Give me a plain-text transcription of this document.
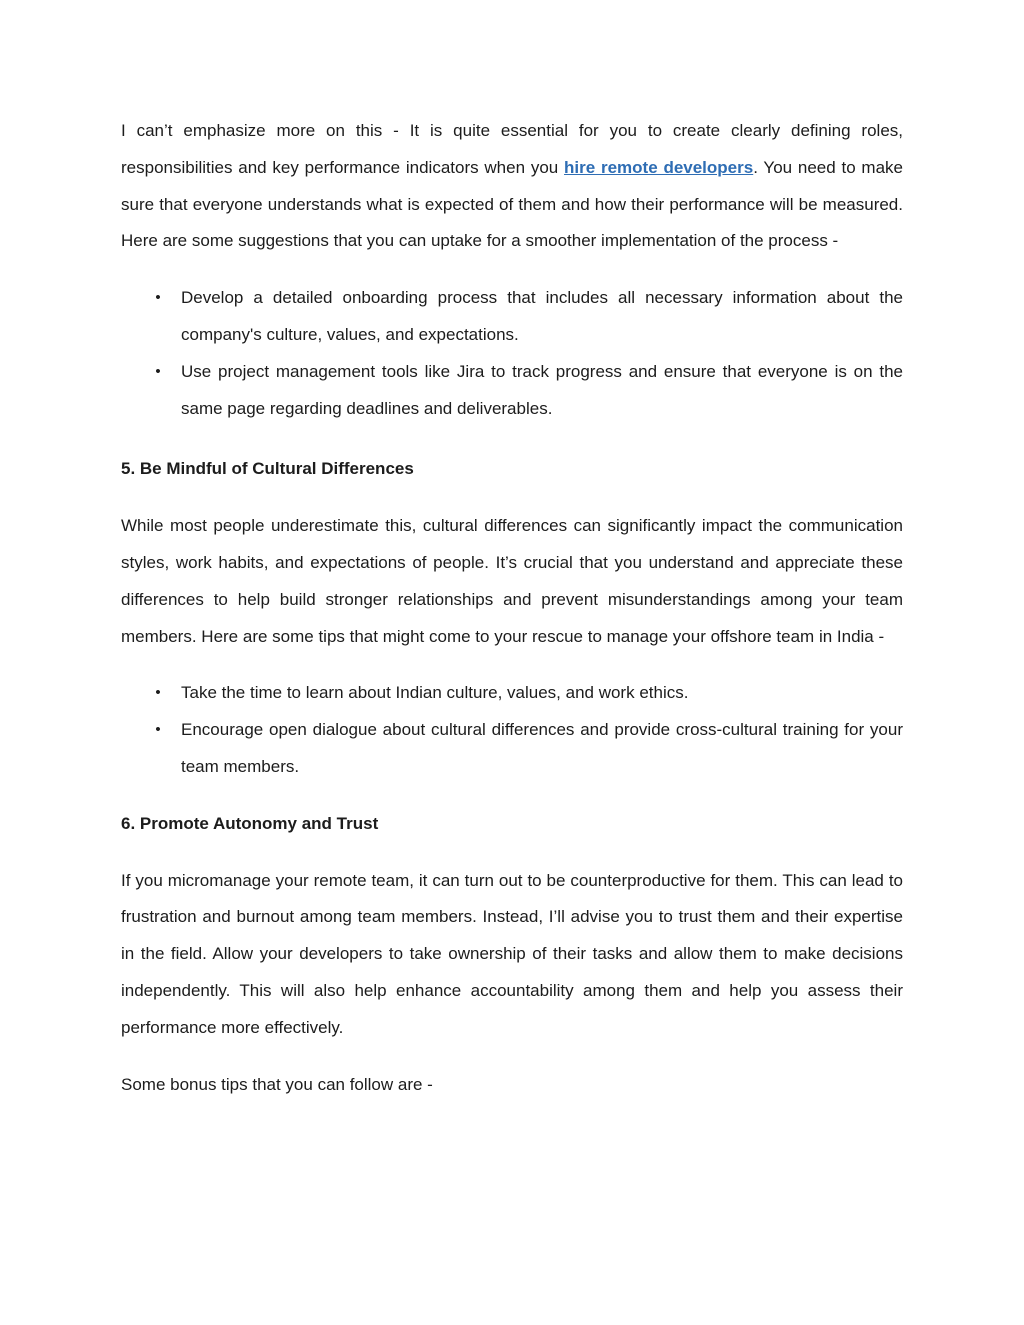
I can’t emphasize more on this - It is quite essential for you to create clearly defining roles, responsibilities and key performance indicators when you hire remote developers. You need to make sure that everyone understands what is expected of them and how their performance will be measured. Here are some suggestions that you can uptake for a smoother implementation of the process -

• Develop a detailed onboarding process that includes all necessary information about the company's culture, values, and expectations.
• Use project management tools like Jira to track progress and ensure that everyone is on the same page regarding deadlines and deliverables.
5. Be Mindful of Cultural Differences

While most people underestimate this, cultural differences can significantly impact the communication styles, work habits, and expectations of people. It’s crucial that you understand and appreciate these differences to help build stronger relationships and prevent misunderstandings among your team members. Here are some tips that might come to your rescue to manage your offshore team in India -

• Take the time to learn about Indian culture, values, and work ethics.
• Encourage open dialogue about cultural differences and provide cross-cultural training for your team members.
6. Promote Autonomy and Trust

If you micromanage your remote team, it can turn out to be counterproductive for them. This can lead to frustration and burnout among team members. Instead, I’ll advise you to trust them and their expertise in the field. Allow your developers to take ownership of their tasks and allow them to make decisions independently. This will also help enhance accountability among them and help you assess their performance more effectively.

Some bonus tips that you can follow are -
